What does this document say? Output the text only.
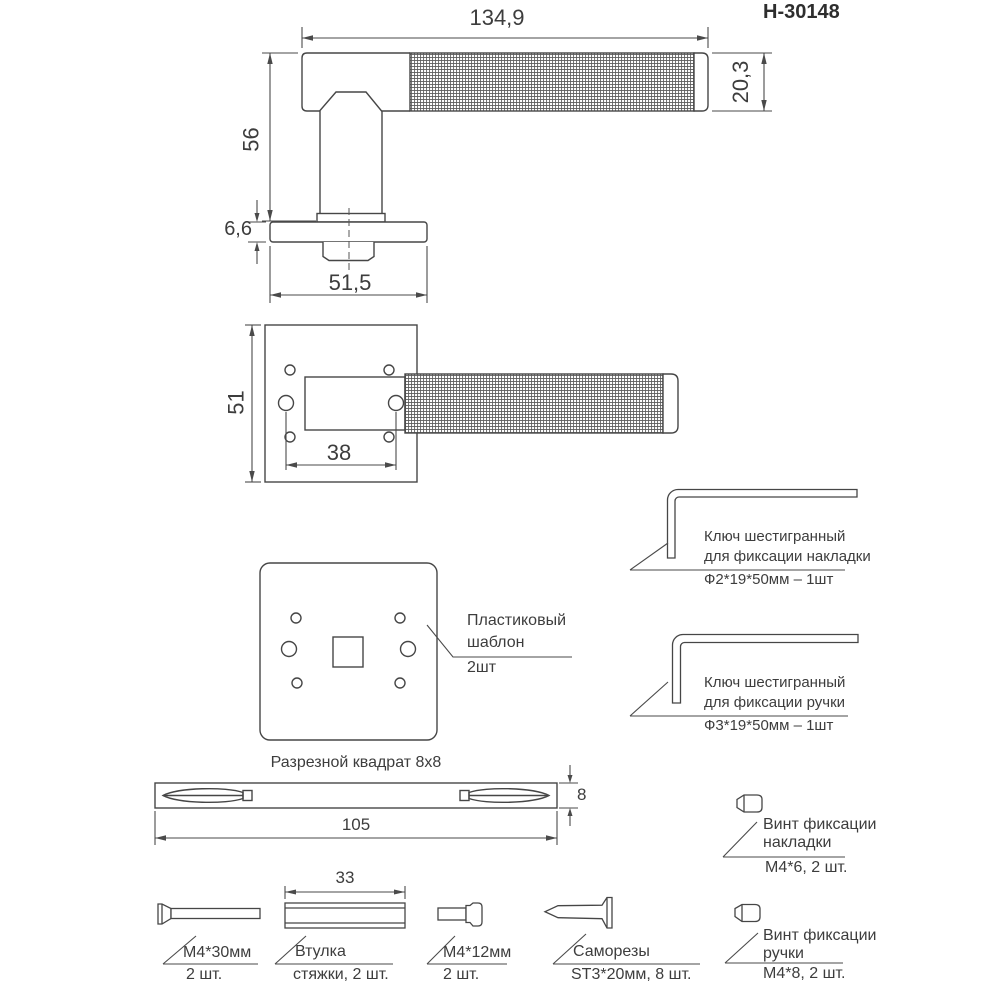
H-30148
134,9
20,3
56
6,6
51,5
51
38
Пластиковый
шаблон
2шт
Ключ шестигранный
для фиксации накладки
Ф2*19*50мм – 1шт
Ключ шестигранный
для фиксации ручки
Ф3*19*50мм – 1шт
Разрезной квадрат 8x8
105
8
33
M4*30мм
2 шт.
Втулка
стяжки, 2 шт.
M4*12мм
2 шт.
Саморезы
ST3*20мм, 8 шт.
Винт фиксации
накладки
M4*6, 2 шт.
Винт фиксации
ручки
M4*8, 2 шт.
